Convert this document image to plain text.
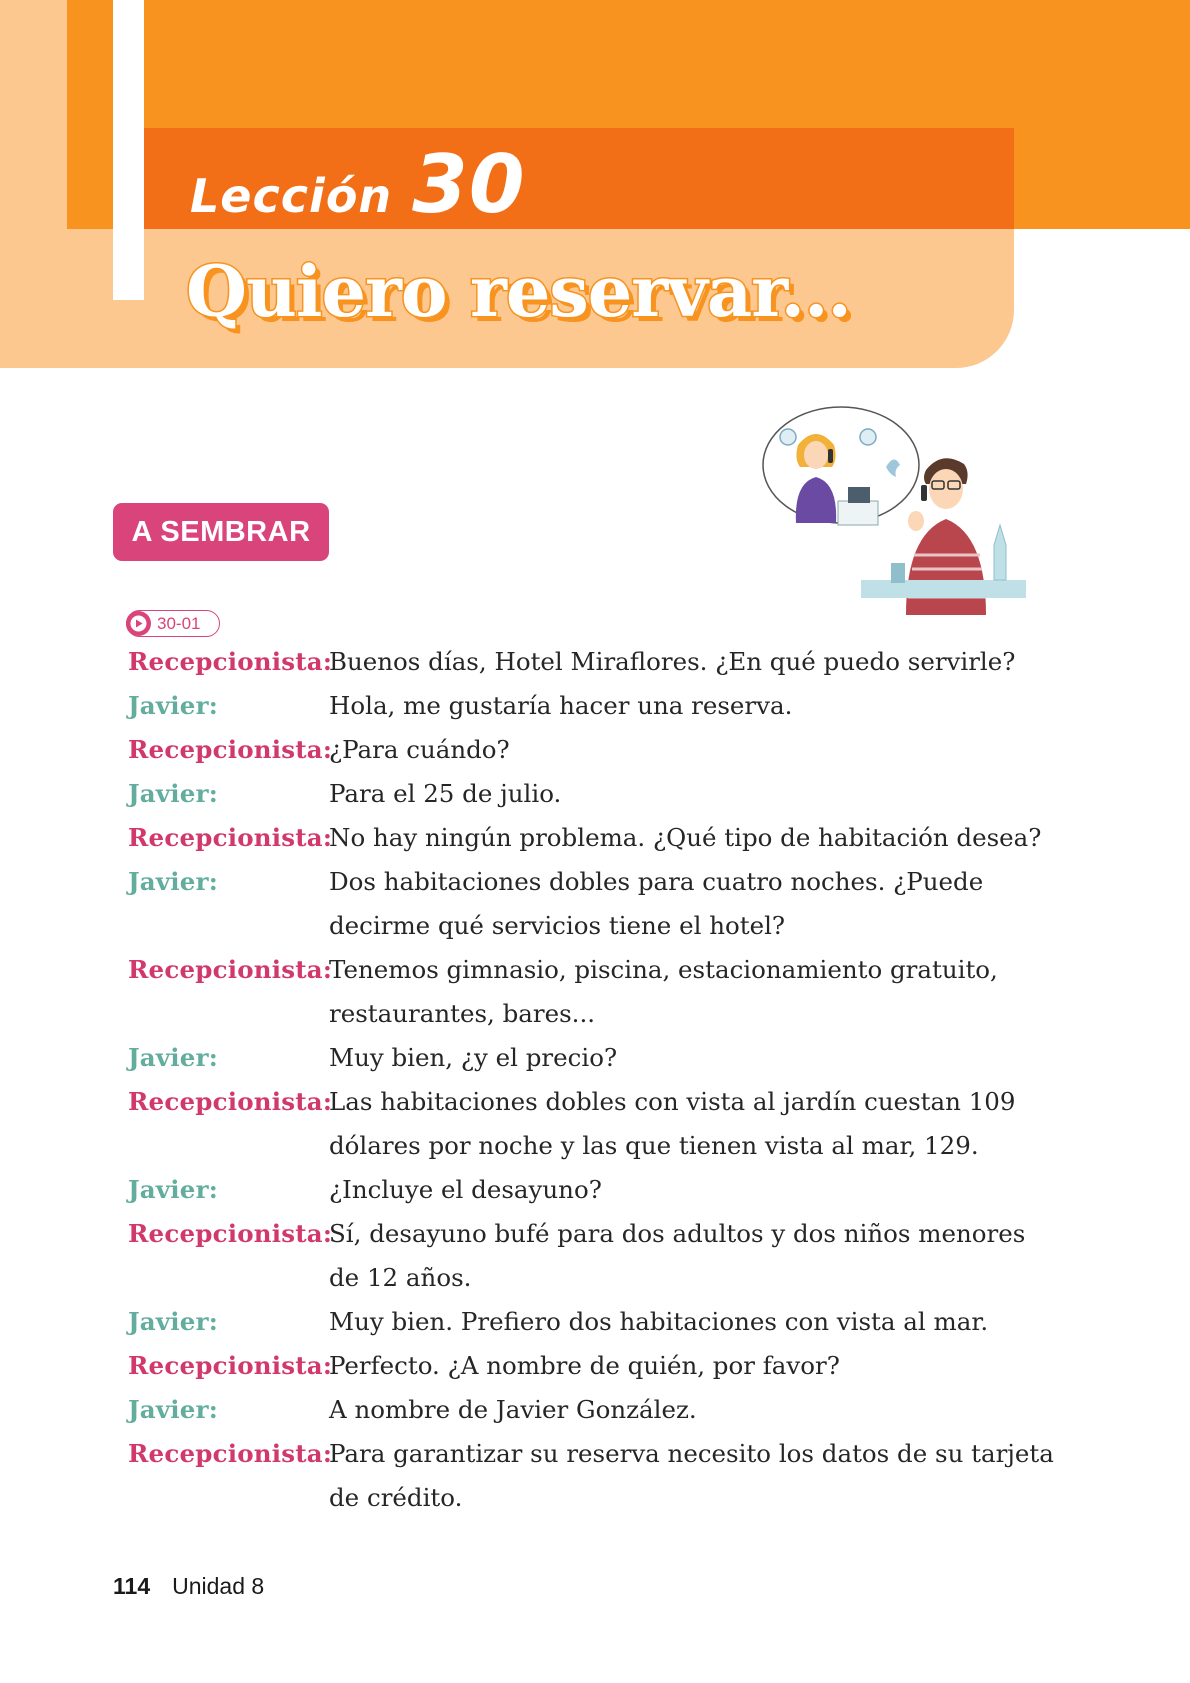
Lección 30
Quiero reservar...
A SEMBRAR
30-01
Recepcionista:
Buenos días, Hotel Miraflores. ¿En qué puedo servirle?
Javier:	Hola, me gustaría hacer una reserva.
Recepcionista:
¿Para cuándo?
Javier:	Para el 25 de julio.
Recepcionista:
No hay ningún problema. ¿Qué tipo de habitación desea?
Javier:	Dos habitaciones dobles para cuatro noches. ¿Puede decirme qué servicios tiene el hotel?
Recepcionista:
Tenemos gimnasio, piscina, estacionamiento gratuito, restaurantes, bares...
Javier:	Muy bien, ¿y el precio?
Recepcionista:
Las habitaciones dobles con vista al jardín cuestan 109 dólares por noche y las que tienen vista al mar, 129.
Javier:	¿Incluye el desayuno?
Recepcionista:
Sí, desayuno bufé para dos adultos y dos niños menores de 12 años.
Javier:	Muy bien. Prefiero dos habitaciones con vista al mar.
Recepcionista:
Perfecto. ¿A nombre de quién, por favor?
Javier:	A nombre de Javier González.
Recepcionista:
Para garantizar su reserva necesito los datos de su tarjeta de crédito.
114 Unidad 8
